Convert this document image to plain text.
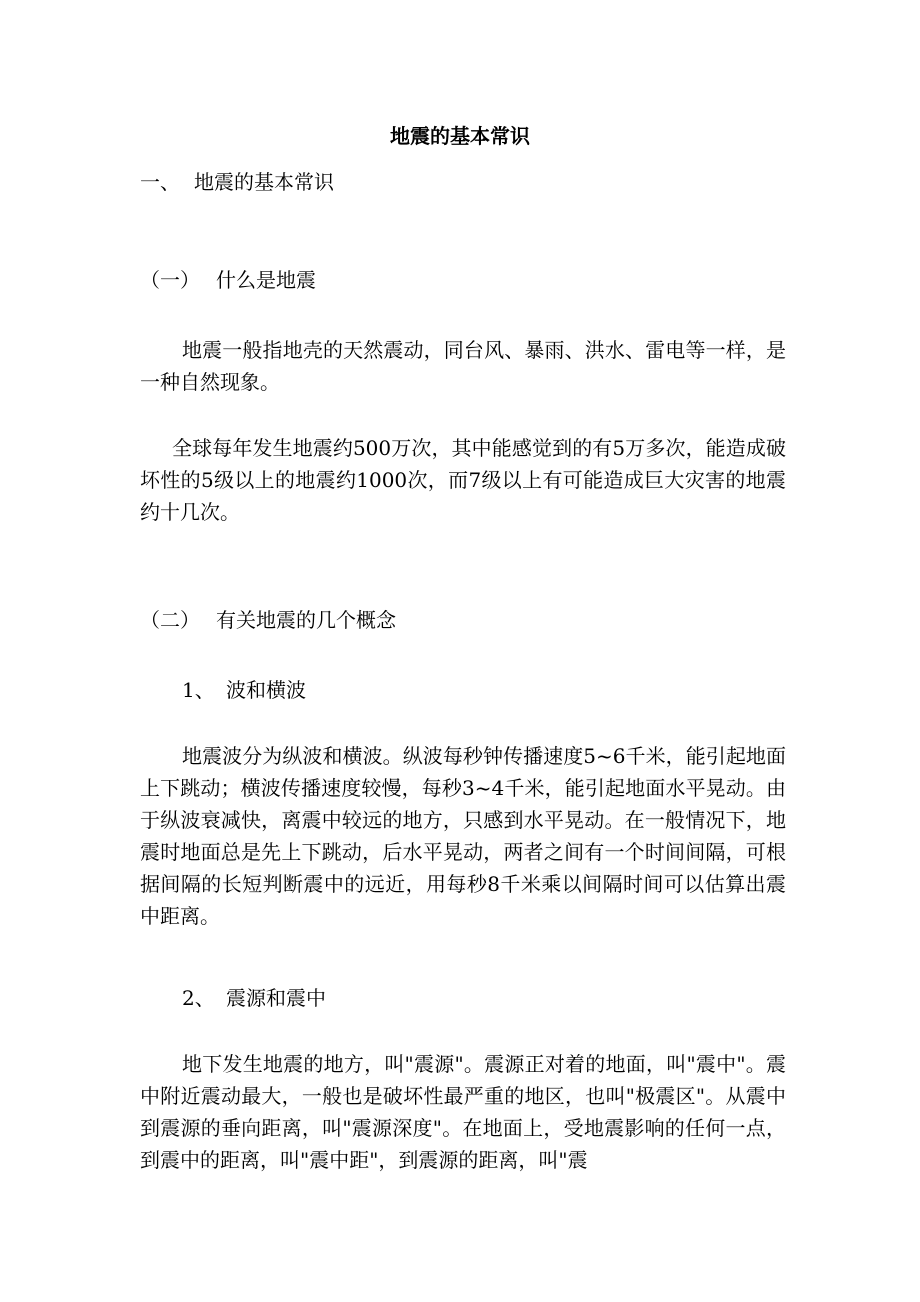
地震的基本常识
一、 地震的基本常识
（一） 什么是地震

地震一般指地壳的天然震动，同台风、暴雨、洪水、雷电等一样，是一种自然现象。

全球每年发生地震约500万次，其中能感觉到的有5万多次，能造成破坏性的5级以上的地震约1000次，而7级以上有可能造成巨大灾害的地震约十几次。

（二） 有关地震的几个概念
1、 波和横波

地震波分为纵波和横波。纵波每秒钟传播速度5~6千米，能引起地面上下跳动；横波传播速度较慢，每秒3~4千米，能引起地面水平晃动。由于纵波衰减快，离震中较远的地方，只感到水平晃动。在一般情况下，地震时地面总是先上下跳动，后水平晃动，两者之间有一个时间间隔，可根据间隔的长短判断震中的远近，用每秒8千米乘以间隔时间可以估算出震中距离。

2、 震源和震中

地下发生地震的地方，叫"震源"。震源正对着的地面，叫"震中"。震中附近震动最大，一般也是破坏性最严重的地区，也叫"极震区"。从震中到震源的垂向距离，叫"震源深度"。在地面上，受地震影响的任何一点，到震中的距离，叫"震中距"，到震源的距离，叫"震
